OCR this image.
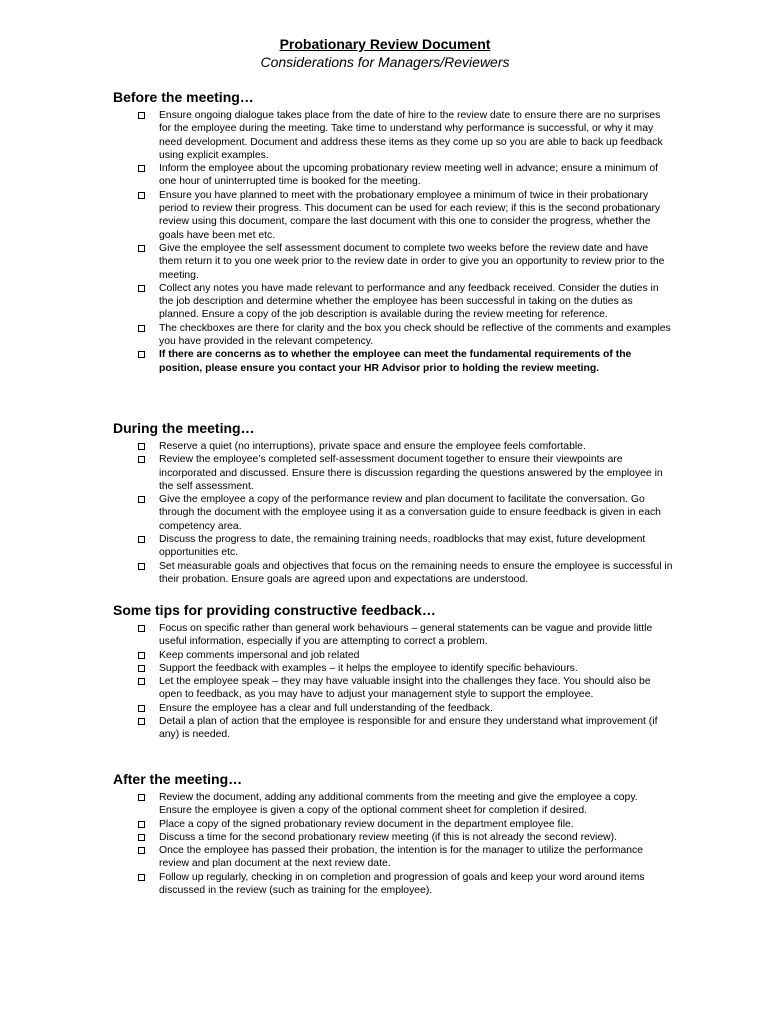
Probationary Review Document
Considerations for Managers/Reviewers
Before the meeting…
Ensure ongoing dialogue takes place from the date of hire to the review date to ensure there are no surprises for the employee during the meeting. Take time to understand why performance is successful, or why it may need development. Document and address these items as they come up so you are able to back up feedback using explicit examples.
Inform the employee about the upcoming probationary review meeting well in advance; ensure a minimum of one hour of uninterrupted time is booked for the meeting.
Ensure you have planned to meet with the probationary employee a minimum of twice in their probationary period to review their progress. This document can be used for each review; if this is the second probationary review using this document, compare the last document with this one to consider the progress, whether the goals have been met etc.
Give the employee the self assessment document to complete two weeks before the review date and have them return it to you one week prior to the review date in order to give you an opportunity to review prior to the meeting.
Collect any notes you have made relevant to performance and any feedback received. Consider the duties in the job description and determine whether the employee has been successful in taking on the duties as planned. Ensure a copy of the job description is available during the review meeting for reference.
The checkboxes are there for clarity and the box you check should be reflective of the comments and examples you have provided in the relevant competency.
If there are concerns as to whether the employee can meet the fundamental requirements of the position, please ensure you contact your HR Advisor prior to holding the review meeting.
During the meeting…
Reserve a quiet (no interruptions), private space and ensure the employee feels comfortable.
Review the employee’s completed self-assessment document together to ensure their viewpoints are incorporated and discussed. Ensure there is discussion regarding the questions answered by the employee in the self assessment.
Give the employee a copy of the performance review and plan document to facilitate the conversation. Go through the document with the employee using it as a conversation guide to ensure feedback is given in each competency area.
Discuss the progress to date, the remaining training needs, roadblocks that may exist, future development opportunities etc.
Set measurable goals and objectives that focus on the remaining needs to ensure the employee is successful in their probation. Ensure goals are agreed upon and expectations are understood.
Some tips for providing constructive feedback…
Focus on specific rather than general work behaviours – general statements can be vague and provide little useful information, especially if you are attempting to correct a problem.
Keep comments impersonal and job related
Support the feedback with examples – it helps the employee to identify specific behaviours.
Let the employee speak – they may have valuable insight into the challenges they face. You should also be open to feedback, as you may have to adjust your management style to support the employee.
Ensure the employee has a clear and full understanding of the feedback.
Detail a plan of action that the employee is responsible for and ensure they understand what improvement (if any) is needed.
After the meeting…
Review the document, adding any additional comments from the meeting and give the employee a copy. Ensure the employee is given a copy of the optional comment sheet for completion if desired.
Place a copy of the signed probationary review document in the department employee file.
Discuss a time for the second probationary review meeting (if this is not already the second review).
Once the employee has passed their probation, the intention is for the manager to utilize the performance review and plan document at the next review date.
Follow up regularly, checking in on completion and progression of goals and keep your word around items discussed in the review (such as training for the employee).
